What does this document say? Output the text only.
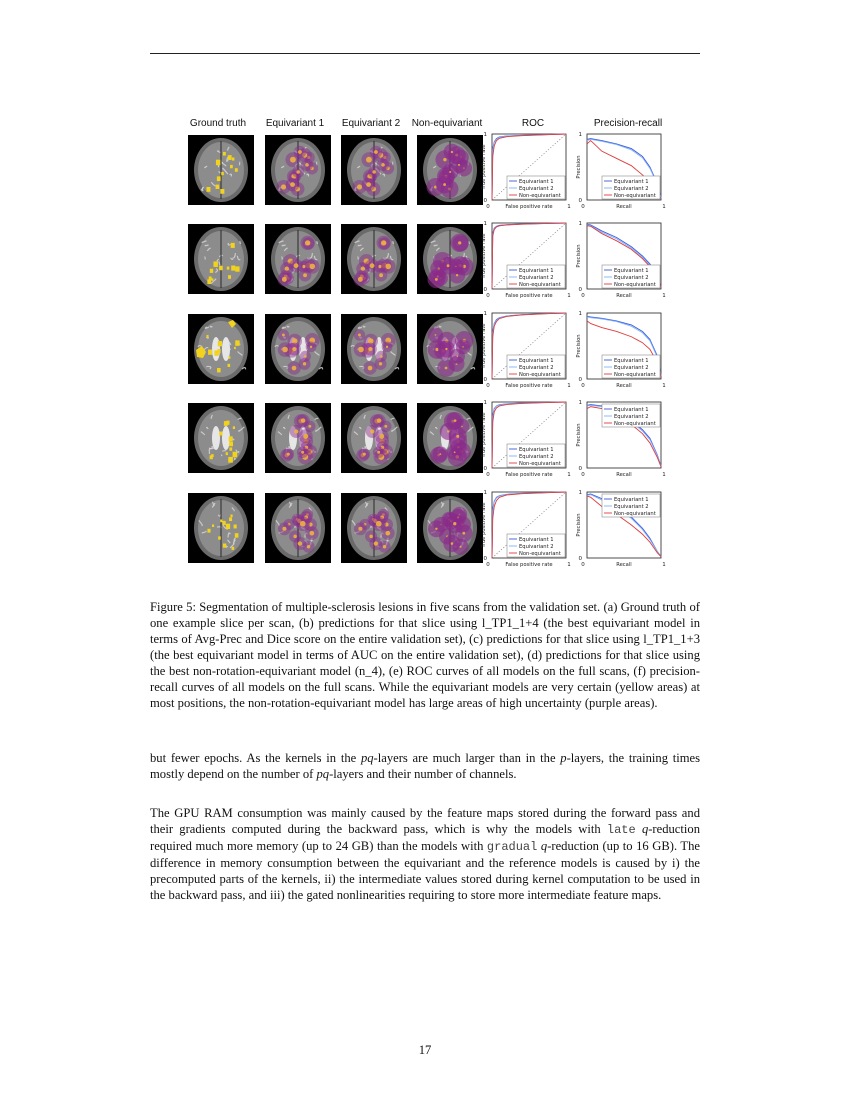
Ground truth Equivariant 1 Equivariant 2 Non-equivariant	ROC	Precision-recall
1
0
0	1
False positive rate
True positive rate	Equivariant 1
Equivariant 2
Non-equivariant
1
0
0	1
Recall
Precision
Equivariant 1
Equivariant 2
Non-equivariant
1
0
0	1
False positive rate
True positive rate	Equivariant 1
Equivariant 2
Non-equivariant
1
0
0	1
Recall
Precision
Equivariant 1
Equivariant 2
Non-equivariant
1
0
0	1
False positive rate
True positive rate	Equivariant 1
Equivariant 2
Non-equivariant
1
0
0	1
Recall
Precision
Equivariant 1
Equivariant 2
Non-equivariant
1
0
0	1
False positive rate
True positive rate	Equivariant 1
Equivariant 2
Non-equivariant
1
0
0	1
Recall
Precision
Equivariant 1
Equivariant 2
Non-equivariant
1
0
0	1
False positive rate
True positive rate	Equivariant 1
Equivariant 2
Non-equivariant
1
0
0	1
Recall
Precision
Equivariant 1
Equivariant 2
Non-equivariant

Figure 5: Segmentation of multiple-sclerosis lesions in five scans from the validation set. (a) Ground truth of one example slice per scan, (b) predictions for that slice using l_TP1_1+4 (the best equivariant model in terms of Avg-Prec and Dice score on the entire validation set), (c) predictions for that slice using l_TP1_1+3 (the best equivariant model in terms of AUC on the entire validation set), (d) predictions for that slice using the best non-rotation-equivariant model (n_4), (e) ROC curves of all models on the full scans, (f) precision-recall curves of all models on the full scans. While the equivariant models are very certain (yellow areas) at most positions, the non-rotation-equivariant model has large areas of high uncertainty (purple areas).

but fewer epochs. As the kernels in the pq-layers are much larger than in the p-layers, the training times mostly depend on the number of pq-layers and their number of channels.

The GPU RAM consumption was mainly caused by the feature maps stored during the forward pass and their gradients computed during the backward pass, which is why the models with late q-reduction required much more memory (up to 24 GB) than the models with gradual q-reduction (up to 16 GB). The difference in memory consumption between the equivariant and the reference models is caused by i) the precomputed parts of the kernels, ii) the intermediate values stored during kernel computation to be used in the backward pass, and iii) the gated nonlinearities requiring to store more intermediate feature maps.

17
